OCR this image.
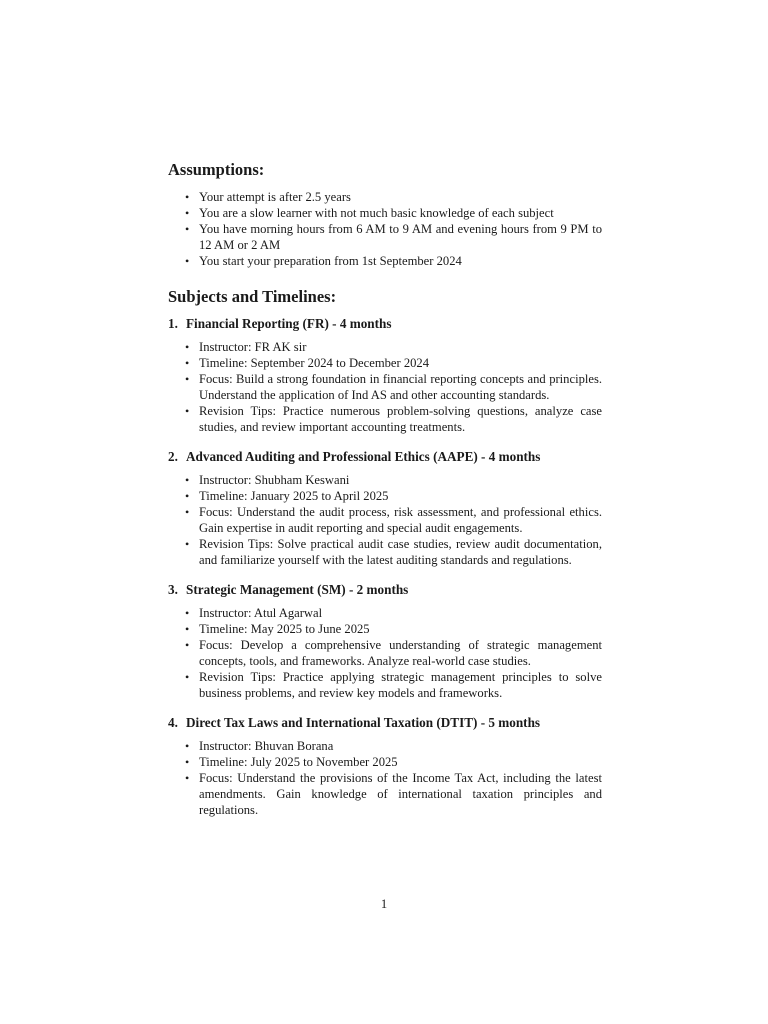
Assumptions:
• Your attempt is after 2.5 years
• You are a slow learner with not much basic knowledge of each subject
• You have morning hours from 6 AM to 9 AM and evening hours from 9 PM to 12 AM or 2 AM
• You start your preparation from 1st September 2024
Subjects and Timelines:
1. Financial Reporting (FR) - 4 months
• Instructor: FR AK sir
• Timeline: September 2024 to December 2024
• Focus: Build a strong foundation in financial reporting concepts and principles. Understand the application of Ind AS and other accounting standards.
• Revision Tips: Practice numerous problem-solving questions, analyze case studies, and review important accounting treatments.
2. Advanced Auditing and Professional Ethics (AAPE) - 4 months
• Instructor: Shubham Keswani
• Timeline: January 2025 to April 2025
• Focus: Understand the audit process, risk assessment, and professional ethics. Gain expertise in audit reporting and special audit engagements.
• Revision Tips: Solve practical audit case studies, review audit documentation, and familiarize yourself with the latest auditing standards and regulations.
3. Strategic Management (SM) - 2 months
• Instructor: Atul Agarwal
• Timeline: May 2025 to June 2025
• Focus: Develop a comprehensive understanding of strategic management concepts, tools, and frameworks. Analyze real-world case studies.
• Revision Tips: Practice applying strategic management principles to solve business problems, and review key models and frameworks.
4. Direct Tax Laws and International Taxation (DTIT) - 5 months
• Instructor: Bhuvan Borana
• Timeline: July 2025 to November 2025
• Focus: Understand the provisions of the Income Tax Act, including the latest amendments. Gain knowledge of international taxation principles and regulations.
1
